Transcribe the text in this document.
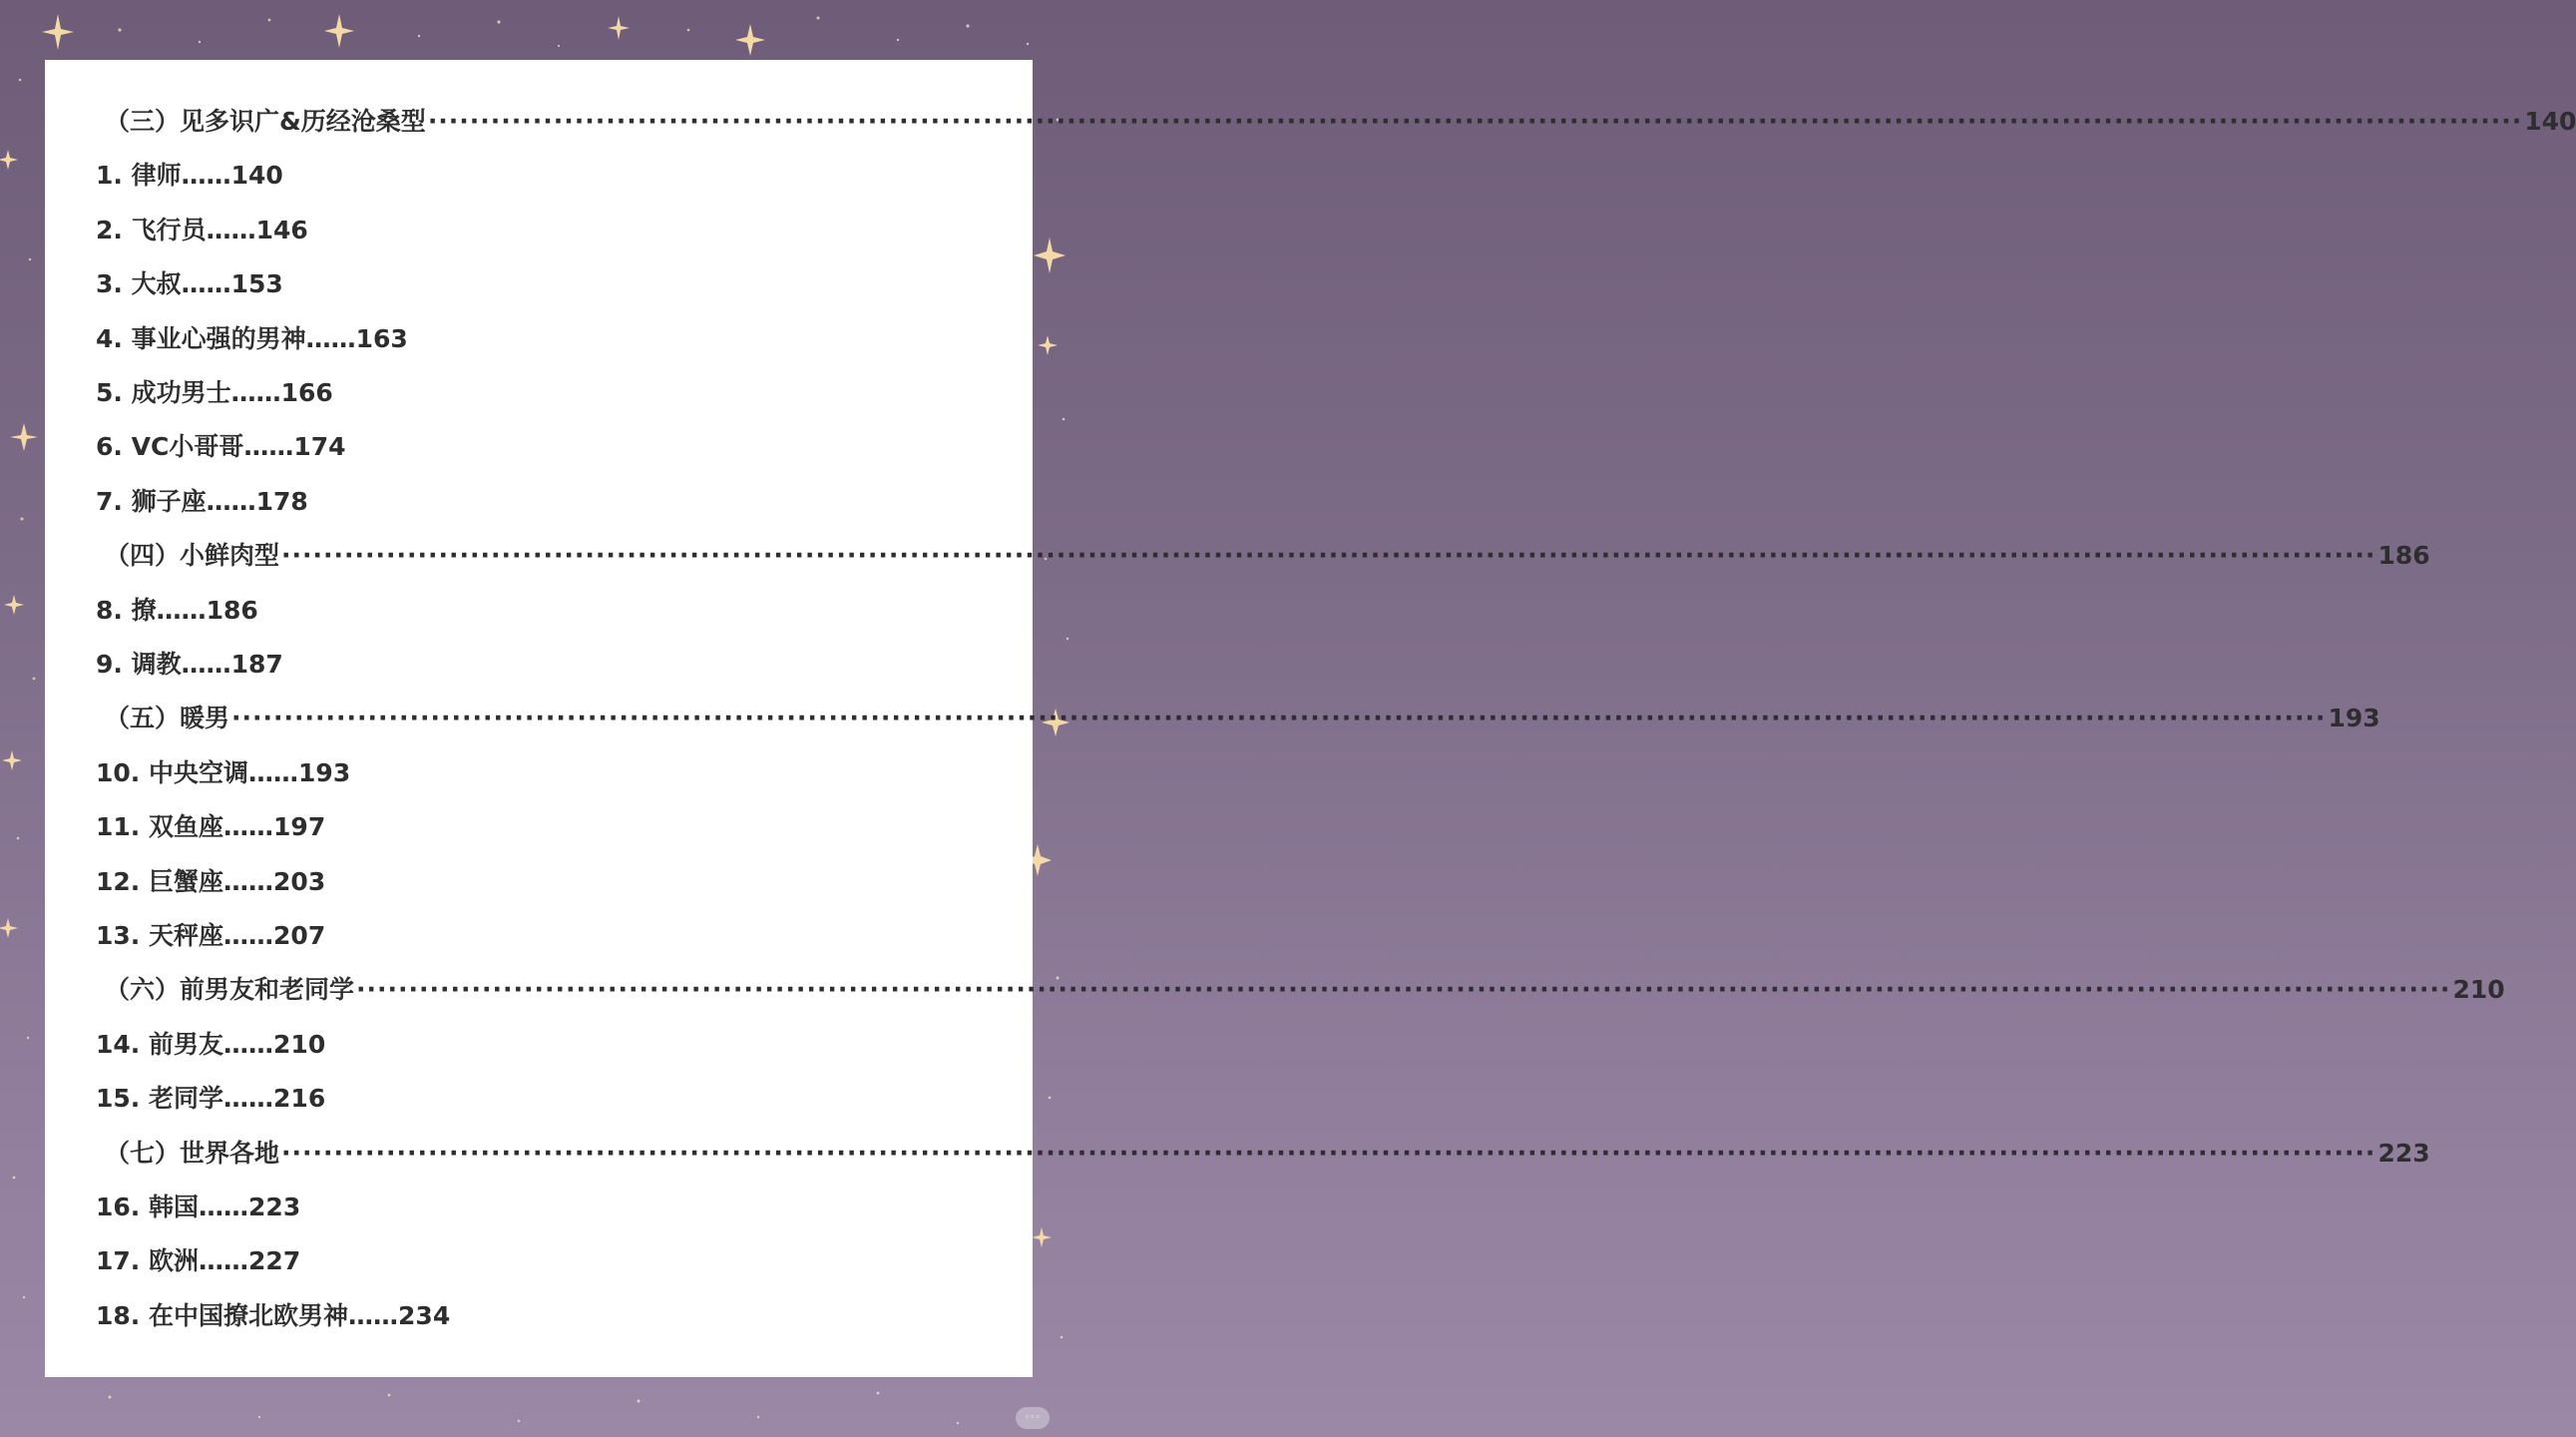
（三）见多识广&历经沧桑型 ········································································································································································································ 140
1. 律师……140
2. 飞行员……146
3. 大叔……153
4. 事业心强的男神……163
5. 成功男士……166
6. VC小哥哥……174
7. 狮子座……178
（四）小鲜肉型 ········································································································································································································ 186
8. 撩……186
9. 调教……187
（五）暖男 ········································································································································································································ 193
10. 中央空调……193
11. 双鱼座……197
12. 巨蟹座……203
13. 天秤座……207
（六）前男友和老同学 ········································································································································································································ 210
14. 前男友……210
15. 老同学……216
（七）世界各地 ········································································································································································································ 223
16. 韩国……223
17. 欧洲……227
18. 在中国撩北欧男神……234
◦◦◦
